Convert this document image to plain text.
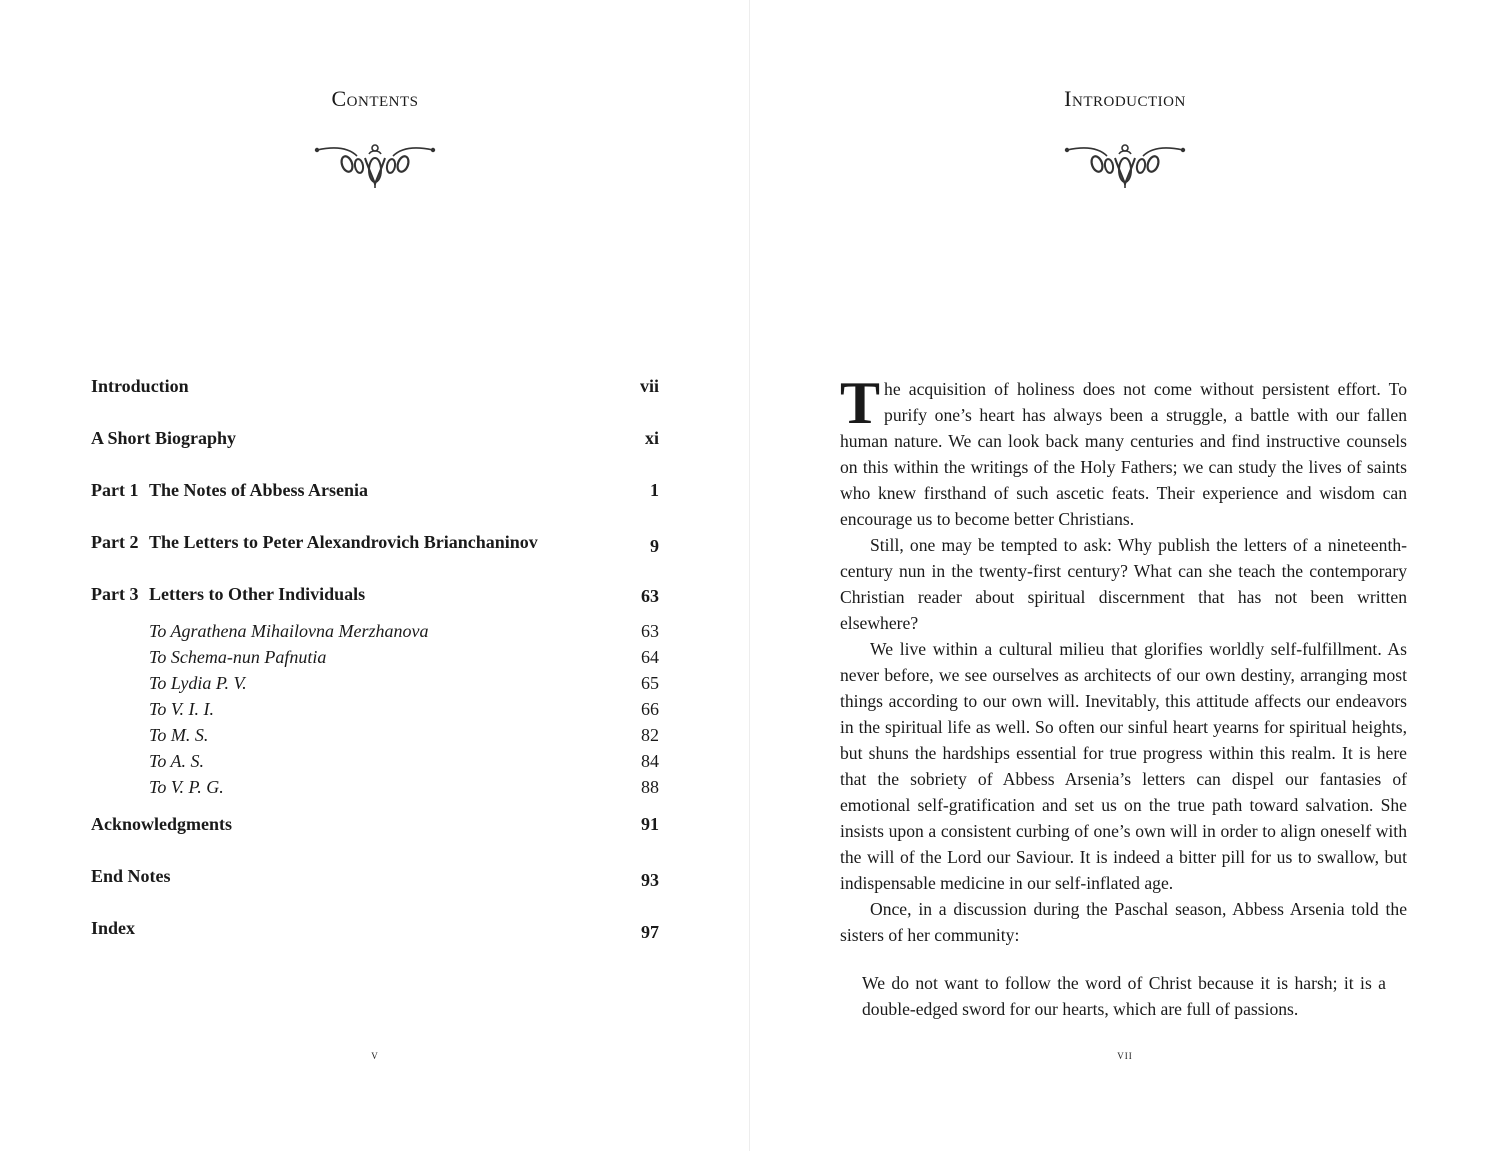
Contents
Introduction	vii
A Short Biography	xi
Part 1 The Notes of Abbess Arsenia	1
Part 2 The Letters to Peter Alexandrovich Brianchaninov	9
Part 3 Letters to Other Individuals	63
To Agrathena Mihailovna Merzhanova	63
To Schema-nun Pafnutia	64
To Lydia P. V.	65
To V. I. I.	66
To M. S.	82
To A. S.	84
To V. P. G.	88
Acknowledgments	91
End Notes	93
Index	97
v
Introduction

The acquisition of holiness does not come without persistent effort. To purify one’s heart has always been a struggle, a battle with our fallen human nature. We can look back many centuries and find instructive counsels on this within the writings of the Holy Fathers; we can study the lives of saints who knew firsthand of such ascetic feats. Their experience and wisdom can encourage us to become better Christians.

Still, one may be tempted to ask: Why publish the letters of a nineteenth-century nun in the twenty-first century? What can she teach the contemporary Christian reader about spiritual discernment that has not been written elsewhere?

We live within a cultural milieu that glorifies worldly self-fulfillment. As never before, we see ourselves as architects of our own destiny, arranging most things according to our own will. Inevitably, this attitude affects our endeavors in the spiritual life as well. So often our sinful heart yearns for spiritual heights, but shuns the hardships essential for true progress within this realm. It is here that the sobriety of Abbess Arsenia’s letters can dispel our fantasies of emotional self-gratification and set us on the true path toward salvation. She insists upon a consistent curbing of one’s own will in order to align oneself with the will of the Lord our Saviour. It is indeed a bitter pill for us to swallow, but indispensable medicine in our self-inflated age.

Once, in a discussion during the Paschal season, Abbess Arsenia told the sisters of her community:

We do not want to follow the word of Christ because it is harsh; it is a double-edged sword for our hearts, which are full of passions.

vii
